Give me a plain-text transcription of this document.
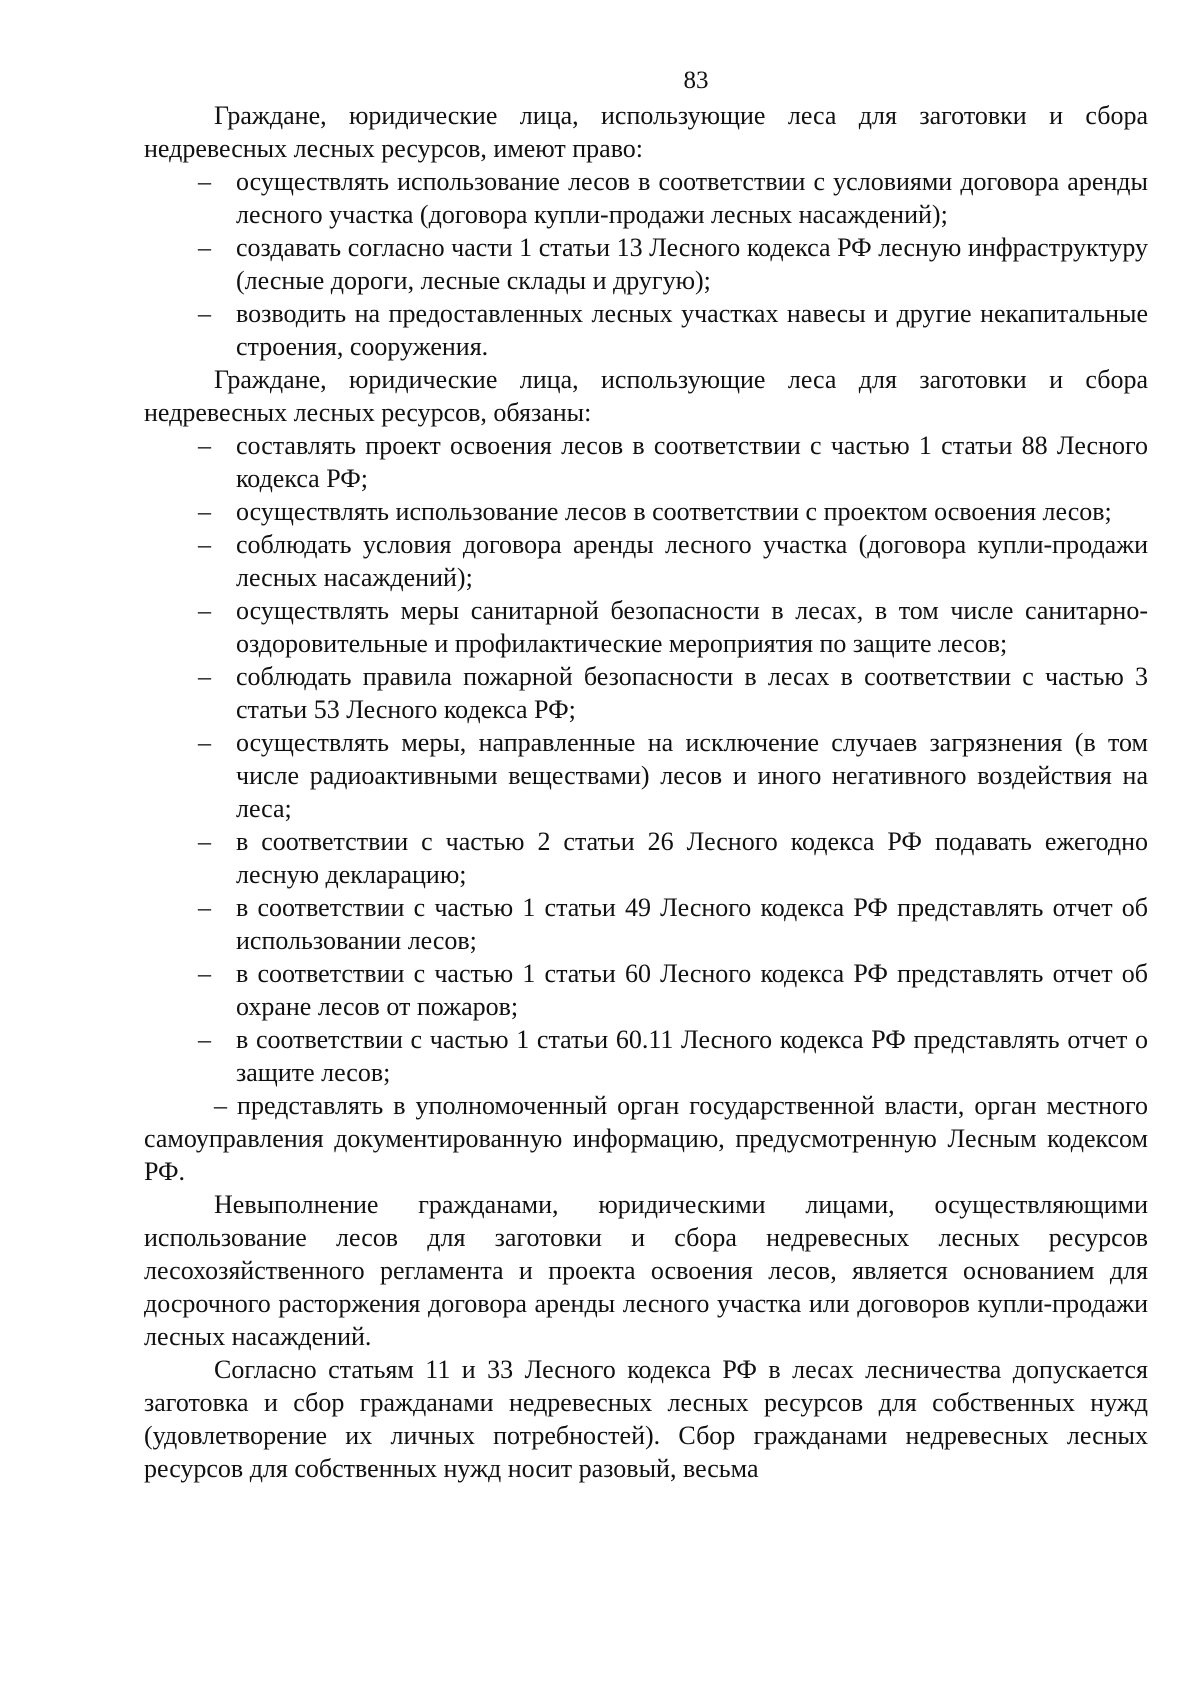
83

Граждане, юридические лица, использующие леса для заготовки и сбора недревесных лесных ресурсов, имеют право:

– осуществлять использование лесов в соответствии с условиями договора аренды лесного участка (договора купли-продажи лесных насаждений);
– создавать согласно части 1 статьи 13 Лесного кодекса РФ лесную инфраструктуру (лесные дороги, лесные склады и другую);
– возводить на предоставленных лесных участках навесы и другие некапитальные строения, сооружения.

Граждане, юридические лица, использующие леса для заготовки и сбора недревесных лесных ресурсов, обязаны:

– составлять проект освоения лесов в соответствии с частью 1 статьи 88 Лесного кодекса РФ;
– осуществлять использование лесов в соответствии с проектом освоения лесов;
– соблюдать условия договора аренды лесного участка (договора купли-продажи лесных насаждений);
– осуществлять меры санитарной безопасности в лесах, в том числе санитарно-оздоровительные и профилактические мероприятия по защите лесов;
– соблюдать правила пожарной безопасности в лесах в соответствии с частью 3 статьи 53 Лесного кодекса РФ;
– осуществлять меры, направленные на исключение случаев загрязнения (в том числе радиоактивными веществами) лесов и иного негативного воздействия на леса;
– в соответствии с частью 2 статьи 26 Лесного кодекса РФ подавать ежегодно лесную декларацию;
– в соответствии с частью 1 статьи 49 Лесного кодекса РФ представлять отчет об использовании лесов;
– в соответствии с частью 1 статьи 60 Лесного кодекса РФ представлять отчет об охране лесов от пожаров;
– в соответствии с частью 1 статьи 60.11 Лесного кодекса РФ представлять отчет о защите лесов;

– представлять в уполномоченный орган государственной власти, орган местного самоуправления документированную информацию, предусмотренную Лесным кодексом РФ.

Невыполнение гражданами, юридическими лицами, осуществляющими использование лесов для заготовки и сбора недревесных лесных ресурсов лесохозяйственного регламента и проекта освоения лесов, является основанием для досрочного расторжения договора аренды лесного участка или договоров купли-продажи лесных насаждений.

Согласно статьям 11 и 33 Лесного кодекса РФ в лесах лесничества допускается заготовка и сбор гражданами недревесных лесных ресурсов для собственных нужд (удовлетворение их личных потребностей). Сбор гражданами недревесных лесных ресурсов для собственных нужд носит разовый, весьма
